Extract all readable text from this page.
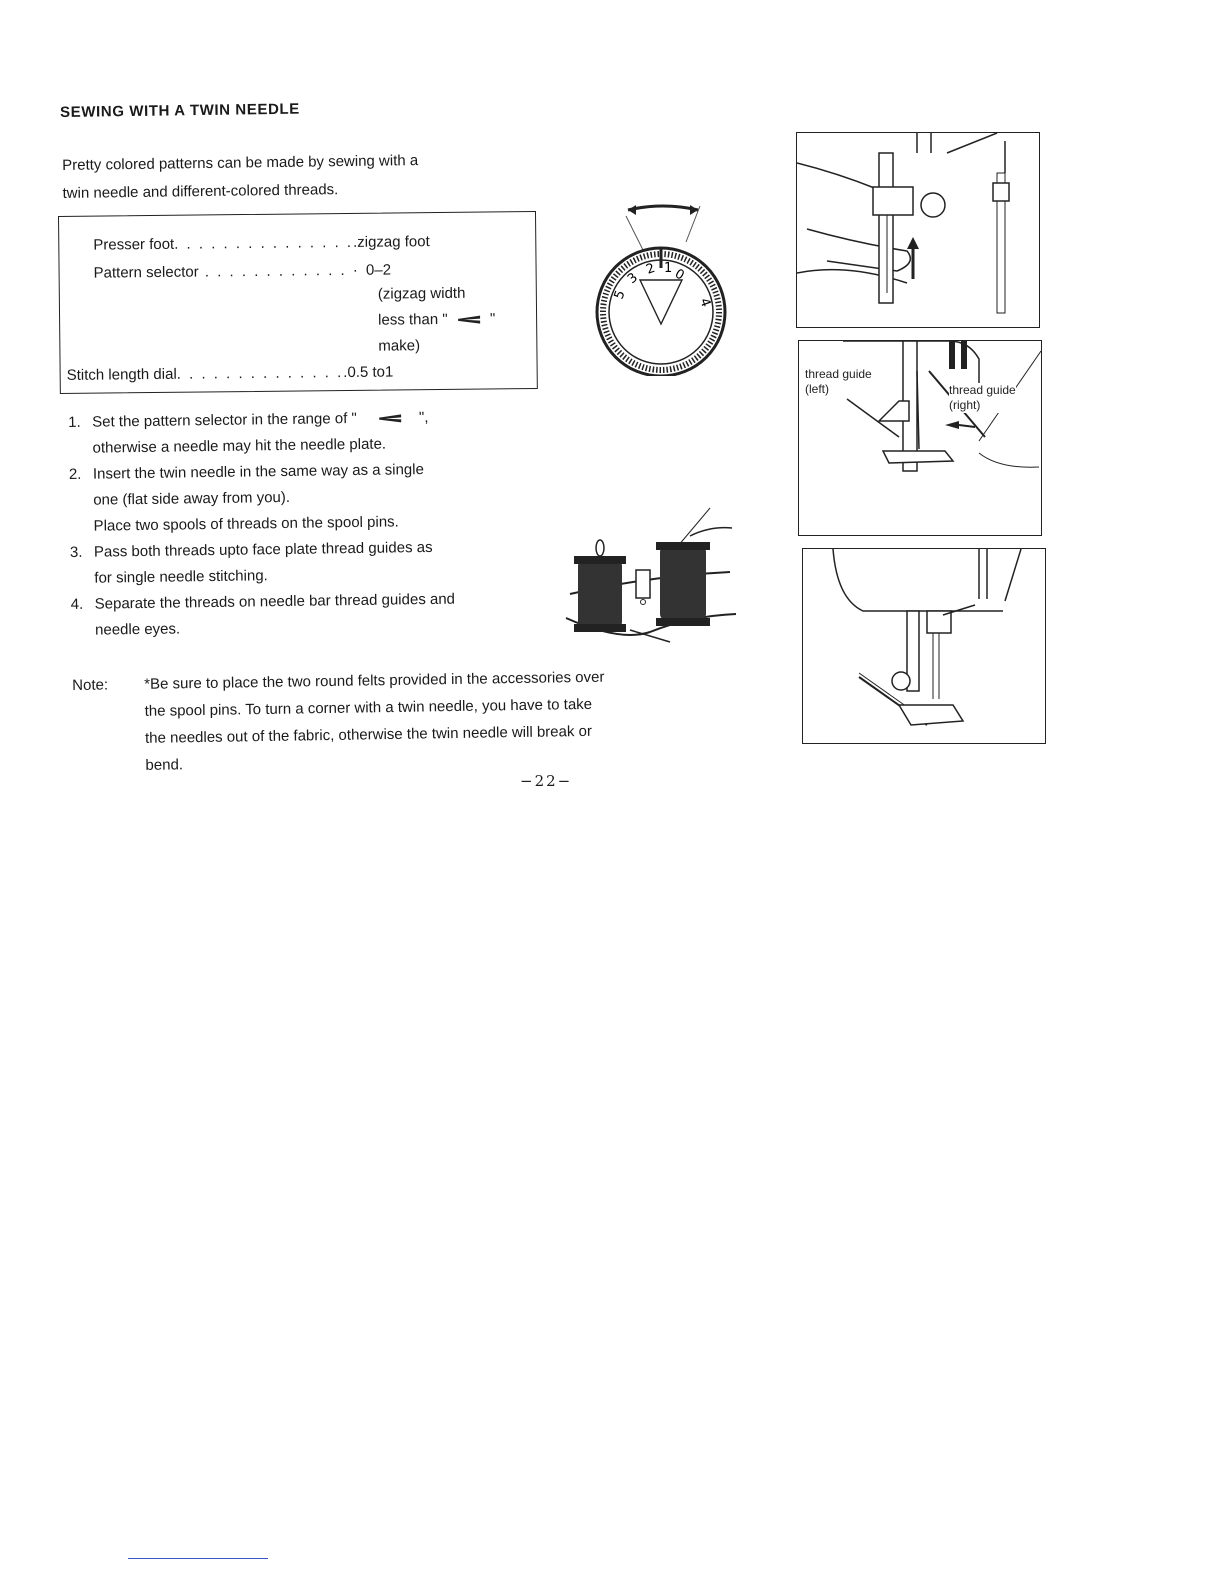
SEWING WITH A TWIN NEEDLE
Pretty colored patterns can be made by sewing with a
twin needle and different-colored threads.
Presser foot. . . . . . . . . . . . . . ..zigzag foot
Pattern selector . . . . . . . . . . . . · 0–2
(zigzag width
less than "	"
make)
Stitch length dial. . . . . . . . . . . . . ..0.5 to1
1. Set the pattern selector in the range of "	",
otherwise a needle may hit the needle plate.
2. Insert the twin needle in the same way as a single
one (flat side away from you).
Place two spools of threads on the spool pins.
3. Pass both threads upto face plate thread guides as
for single needle stitching.
4. Separate the threads on needle bar thread guides and
needle eyes.
Note: *Be sure to place the two round felts provided in the accessories over
the spool pins. To turn a corner with a twin needle, you have to take
the needles out of the fabric, otherwise the twin needle will break or
bend.
−22−
0
1
2
3
4
5
thread guide
(left)	thread guide
(right)
